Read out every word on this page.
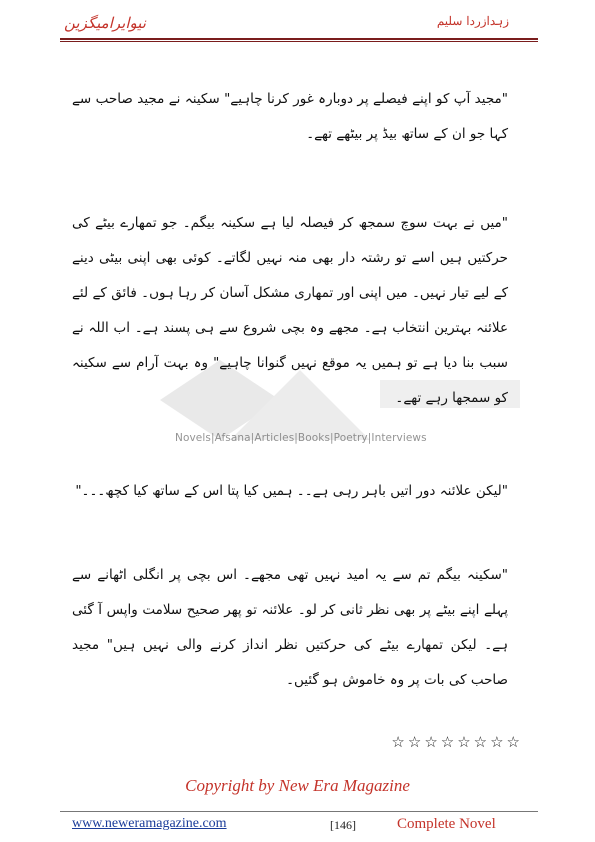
نیوایرامیگزین	زہدازردا سلیم
Novels|Afsana|Articles|Books|Poetry|Interviews
"مجید آپ کو اپنے فیصلے پر دوبارہ غور کرنا چاہیے" سکینہ نے مجید صاحب سے کہا جو ان کے ساتھ بیڈ پر بیٹھے تھے۔
"میں نے بہت سوچ سمجھ کر فیصلہ لیا ہے سکینہ بیگم۔ جو تمھارے بیٹے کی حرکتیں ہیں اسے تو رشتہ دار بھی منہ نہیں لگاتے۔ کوئی بھی اپنی بیٹی دینے کے لیے تیار نہیں۔ میں اپنی اور تمھاری مشکل آسان کر رہا ہوں۔ فائق کے لئے علائنہ بہترین انتخاب ہے۔ مجھے وہ بچی شروع سے ہی پسند ہے۔ اب اللہ نے سبب بنا دیا ہے تو ہمیں یہ موقع نہیں گنوانا چاہیے" وہ بہت آرام سے سکینہ کو سمجھا رہے تھے۔
"لیکن علائنہ دور اتیں باہر رہی ہے۔۔ ہمیں کیا پتا اس کے ساتھ کیا کچھ۔۔۔"
"سکینہ بیگم تم سے یہ امید نہیں تھی مجھے۔ اس بچی پر انگلی اٹھانے سے پہلے اپنے بیٹے پر بھی نظر ثانی کر لو۔ علائنہ تو پھر صحیح سلامت واپس آ گئی ہے۔ لیکن تمھارے بیٹے کی حرکتیں نظر انداز کرنے والی نہیں ہیں" مجید صاحب کی بات پر وہ خاموش ہو گئیں۔
☆☆☆☆☆☆☆☆
Copyright by New Era Magazine
www.neweramagazine.com	[146]	Complete Novel
